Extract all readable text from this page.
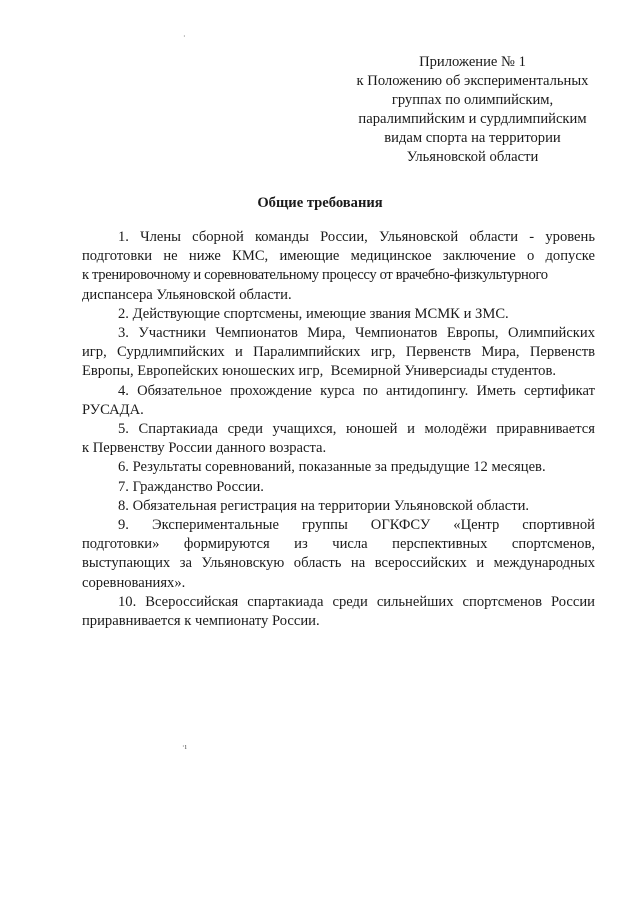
Приложение № 1
к Положению об экспериментальных
группах по олимпийским,
паралимпийским и сурдлимпийским
видам спорта на территории
Ульяновской области
Общие требования

1. Члены сборной команды России, Ульяновской области - уровень
подготовки не ниже КМС, имеющие медицинское заключение о допуске
к тренировочному и соревновательному процессу от врачебно-физкультурного
диспансера Ульяновской области.

2. Действующие спортсмены, имеющие звания МСМК и ЗМС.

3. Участники Чемпионатов Мира, Чемпионатов Европы, Олимпийских
игр, Сурдлимпийских и Паралимпийских игр, Первенств Мира, Первенств
Европы, Европейских юношеских игр,  Всемирной Универсиады студентов.

4. Обязательное прохождение курса по антидопингу. Иметь сертификат
РУСАДА.

5. Спартакиада среди учащихся, юношей и молодёжи приравнивается
к Первенству России данного возраста.

6. Результаты соревнований, показанные за предыдущие 12 месяцев.

7. Гражданство России.

8. Обязательная регистрация на территории Ульяновской области.

9. Экспериментальные группы ОГКФСУ «Центр спортивной
подготовки» формируются из числа перспективных спортсменов,
выступающих за Ульяновскую область на всероссийских и международных
соревнованиях».

10. Всероссийская спартакиада среди сильнейших спортсменов России
приравнивается к чемпионату России.

·
·ı
